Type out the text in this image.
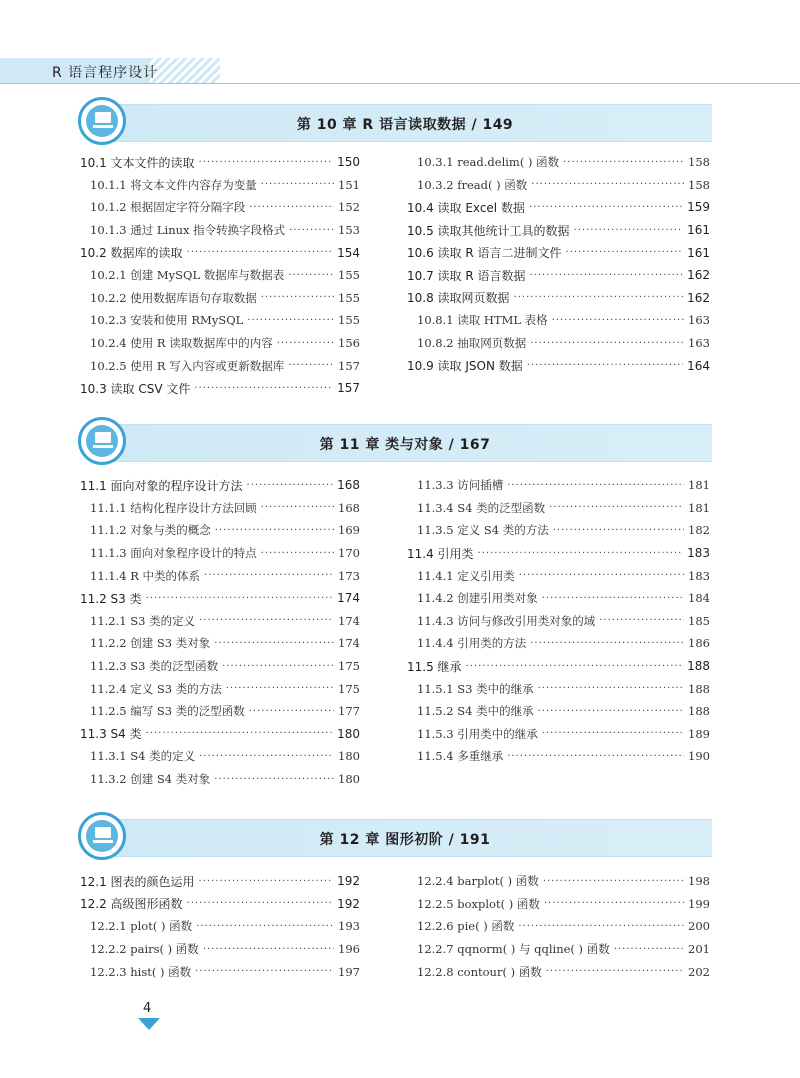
R 语言程序设计
第 10 章 R 语言读取数据 / 149
10.1 文本文件的读取 ·····	150
10.1.1 将文本文件内容存为变量 ·····	151
10.1.2 根据固定字符分隔字段 ·····	152
10.1.3 通过 Linux 指令转换字段格式 ·····	153
10.2 数据库的读取 ·····	154
10.2.1 创建 MySQL 数据库与数据表 ·····	155
10.2.2 使用数据库语句存取数据 ·····	155
10.2.3 安装和使用 RMySQL ·····	155
10.2.4 使用 R 读取数据库中的内容 ·····	156
10.2.5 使用 R 写入内容或更新数据库 ·····	157
10.3 读取 CSV 文件 ·····	157
10.3.1 read.delim( ) 函数 ·····	158
10.3.2 fread( ) 函数 ·····	158
10.4 读取 Excel 数据 ·····	159
10.5 读取其他统计工具的数据 ·····	161
10.6 读取 R 语言二进制文件 ·····	161
10.7 读取 R 语言数据 ·····	162
10.8 读取网页数据 ·····	162
10.8.1 读取 HTML 表格 ·····	163
10.8.2 抽取网页数据 ·····	163
10.9 读取 JSON 数据 ·····	164
第 11 章 类与对象 / 167
11.1 面向对象的程序设计方法 ·····	168
11.1.1 结构化程序设计方法回顾 ·····	168
11.1.2 对象与类的概念 ·····	169
11.1.3 面向对象程序设计的特点 ·····	170
11.1.4 R 中类的体系 ·····	173
11.2 S3 类 ·····	174
11.2.1 S3 类的定义 ·····	174
11.2.2 创建 S3 类对象 ·····	174
11.2.3 S3 类的泛型函数 ·····	175
11.2.4 定义 S3 类的方法 ·····	175
11.2.5 编写 S3 类的泛型函数 ·····	177
11.3 S4 类 ·····	180
11.3.1 S4 类的定义 ·····	180
11.3.2 创建 S4 类对象 ·····	180
11.3.3 访问插槽 ·····	181
11.3.4 S4 类的泛型函数 ·····	181
11.3.5 定义 S4 类的方法 ·····	182
11.4 引用类 ·····	183
11.4.1 定义引用类 ·····	183
11.4.2 创建引用类对象 ·····	184
11.4.3 访问与修改引用类对象的域 ·····	185
11.4.4 引用类的方法 ·····	186
11.5 继承 ·····	188
11.5.1 S3 类中的继承 ·····	188
11.5.2 S4 类中的继承 ·····	188
11.5.3 引用类中的继承 ·····	189
11.5.4 多重继承 ·····	190
第 12 章 图形初阶 / 191
12.1 图表的颜色运用 ·····	192
12.2 高级图形函数 ·····	192
12.2.1 plot( ) 函数 ·····	193
12.2.2 pairs( ) 函数 ·····	196
12.2.3 hist( ) 函数 ·····	197
12.2.4 barplot( ) 函数 ·····	198
12.2.5 boxplot( ) 函数 ·····	199
12.2.6 pie( ) 函数 ·····	200
12.2.7 qqnorm( ) 与 qqline( ) 函数 ·····	201
12.2.8 contour( ) 函数 ·····	202
4
